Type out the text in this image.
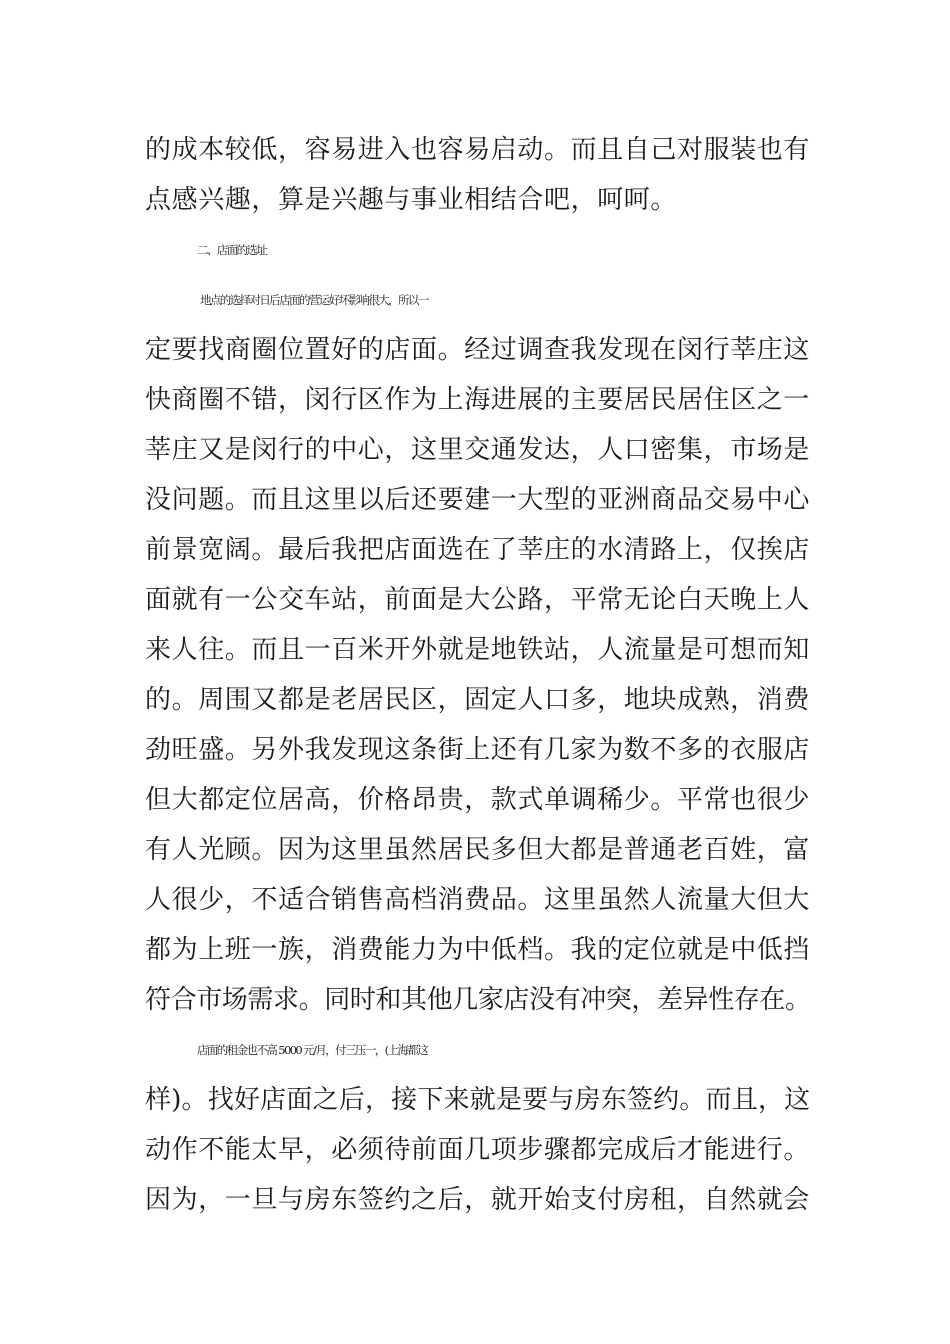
的成本较低，容易进入也容易启动。而且自己对服装也有
点感兴趣，算是兴趣与事业相结合吧，呵呵。
二、店面的选址
地点的选择对日后店面的营运好坏影响很大，所以一
定要找商圈位置好的店面。经过调查我发现在闵行莘庄这
快商圈不错，闵行区作为上海进展的主要居民居住区之一
莘庄又是闵行的中心，这里交通发达，人口密集，市场是
没问题。而且这里以后还要建一大型的亚洲商品交易中心
前景宽阔。最后我把店面选在了莘庄的水清路上，仅挨店
面就有一公交车站，前面是大公路，平常无论白天晚上人
来人往。而且一百米开外就是地铁站，人流量是可想而知
的。周围又都是老居民区，固定人口多，地块成熟，消费
劲旺盛。另外我发现这条街上还有几家为数不多的衣服店
但大都定位居高，价格昂贵，款式单调稀少。平常也很少
有人光顾。因为这里虽然居民多但大都是普通老百姓，富
人很少，不适合销售高档消费品。这里虽然人流量大但大
都为上班一族，消费能力为中低档。我的定位就是中低挡
符合市场需求。同时和其他几家店没有冲突，差异性存在。
店面的租金也不高 5000 元/月，付三压一，(上海都这
样)。找好店面之后，接下来就是要与房东签约。而且，这
动作不能太早，必须待前面几项步骤都完成后才能进行。
因为，一旦与房东签约之后，就开始支付房租，自然就会
